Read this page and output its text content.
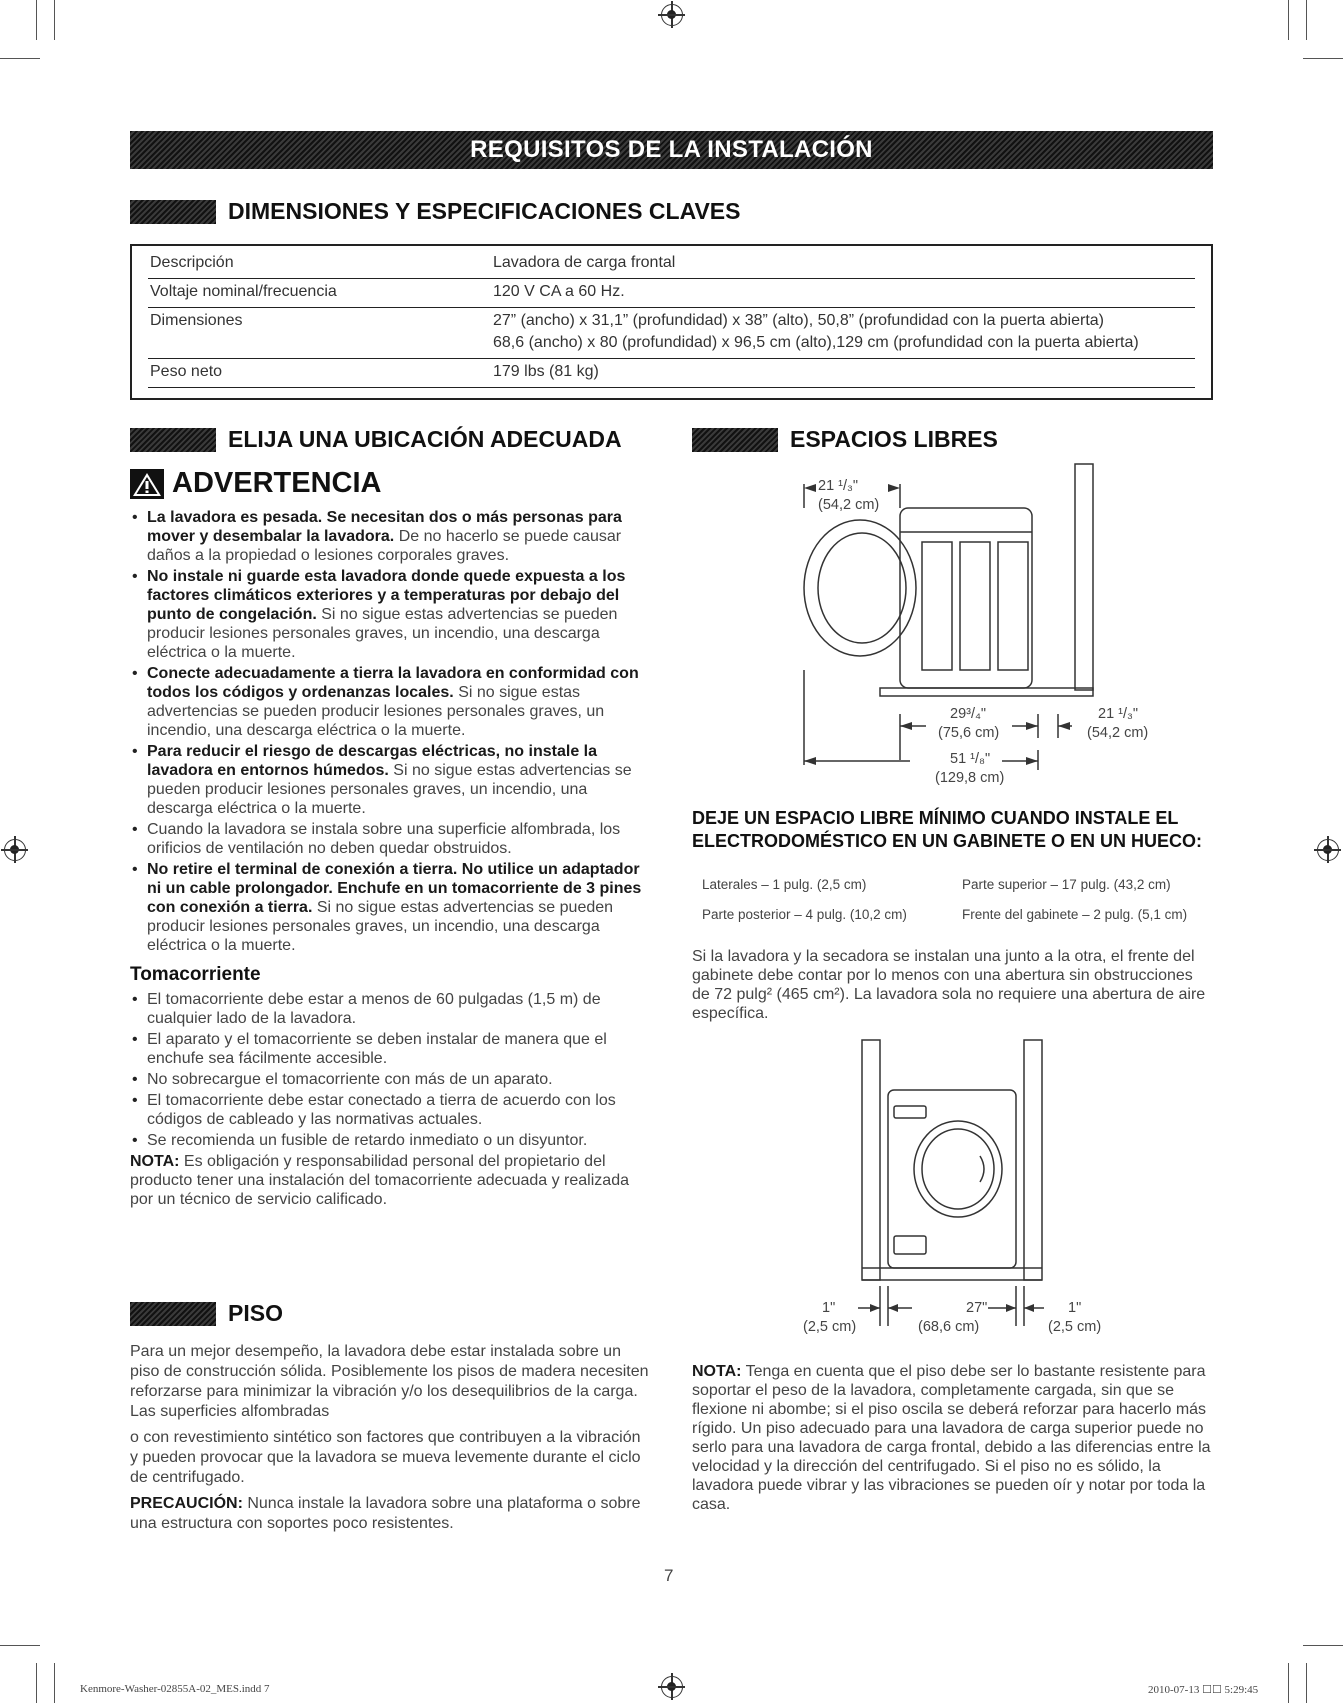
REQUISITOS DE LA INSTALACIÓN
DIMENSIONES Y ESPECIFICACIONES CLAVES
Descripción	Lavadora de carga frontal
Voltaje nominal/frecuencia	120 V CA a 60 Hz.
Dimensiones	27” (ancho) x 31,1” (profundidad) x 38” (alto), 50,8” (profundidad con la puerta abierta)
68,6 (ancho) x 80 (profundidad) x 96,5 cm (alto),129 cm (profundidad con la puerta abierta)
Peso neto	179 lbs (81 kg)
ELIJA UNA UBICACIÓN ADECUADA
ADVERTENCIA
• La lavadora es pesada. Se necesitan dos o más personas para mover y desembalar la lavadora. De no hacerlo se puede causar daños a la propiedad o lesiones corporales graves.
• No instale ni guarde esta lavadora donde quede expuesta a los factores climáticos exteriores y a temperaturas por debajo del punto de congelación. Si no sigue estas advertencias se pueden producir lesiones personales graves, un incendio, una descarga eléctrica o la muerte.
• Conecte adecuadamente a tierra la lavadora en conformidad con todos los códigos y ordenanzas locales. Si no sigue estas advertencias se pueden producir lesiones personales graves, un incendio, una descarga eléctrica o la muerte.
• Para reducir el riesgo de descargas eléctricas, no instale la lavadora en entornos húmedos. Si no sigue estas advertencias se pueden producir lesiones personales graves, un incendio, una descarga eléctrica o la muerte.
• Cuando la lavadora se instala sobre una superficie alfombrada, los orificios de ventilación no deben quedar obstruidos.
• No retire el terminal de conexión a tierra. No utilice un adaptador ni un cable prolongador. Enchufe en un tomacorriente de 3 pines con conexión a tierra. Si no sigue estas advertencias se pueden producir lesiones personales graves, un incendio, una descarga eléctrica o la muerte.
Tomacorriente
• El tomacorriente debe estar a menos de 60 pulgadas (1,5 m) de cualquier lado de la lavadora.
• El aparato y el tomacorriente se deben instalar de manera que el enchufe sea fácilmente accesible.
• No sobrecargue el tomacorriente con más de un aparato.
• El tomacorriente debe estar conectado a tierra de acuerdo con los códigos de cableado y las normativas actuales.
• Se recomienda un fusible de retardo inmediato o un disyuntor.
NOTA: Es obligación y responsabilidad personal del propietario del producto tener una instalación del tomacorriente adecuada y realizada por un técnico de servicio calificado.
PISO

Para un mejor desempeño, la lavadora debe estar instalada sobre un piso de construcción sólida. Posiblemente los pisos de madera necesiten reforzarse para minimizar la vibración y/o los desequilibrios de la carga. Las superficies alfombradas

o con revestimiento sintético son factores que contribuyen a la vibración y pueden provocar que la lavadora se mueva levemente durante el ciclo de centrifugado.

PRECAUCIÓN: Nunca instale la lavadora sobre una plataforma o sobre una estructura con soportes poco resistentes.

ESPACIOS LIBRES
21 ¹/₃"
(54,2 cm)
29³/₄"
(75,6 cm)
51 ¹/₈"
(129,8 cm)
21 ¹/₃"
(54,2 cm)
DEJE UN ESPACIO LIBRE MÍNIMO CUANDO INSTALE EL ELECTRODOMÉSTICO EN UN GABINETE O EN UN HUECO:
Laterales – 1 pulg. (2,5 cm)	Parte superior – 17 pulg. (43,2 cm)
Parte posterior – 4 pulg. (10,2 cm)	Frente del gabinete – 2 pulg. (5,1 cm)
Si la lavadora y la secadora se instalan una junto a la otra, el frente del gabinete debe contar por lo menos con una abertura sin obstrucciones de 72 pulg² (465 cm²). La lavadora sola no requiere una abertura de aire específica.
1"
(2,5 cm)
27"
(68,6 cm)
1"
(2,5 cm)
NOTA: Tenga en cuenta que el piso debe ser lo bastante resistente para soportar el peso de la lavadora, completamente cargada, sin que se flexione ni abombe; si el piso oscila se deberá reforzar para hacerlo más rígido. Un piso adecuado para una lavadora de carga superior puede no serlo para una lavadora de carga frontal, debido a las diferencias entre la velocidad y la dirección del centrifugado. Si el piso no es sólido, la lavadora puede vibrar y las vibraciones se pueden oír y notar por toda la casa.
7
Kenmore-Washer-02855A-02_MES.indd 7	2010-07-13 ☐☐ 5:29:45
